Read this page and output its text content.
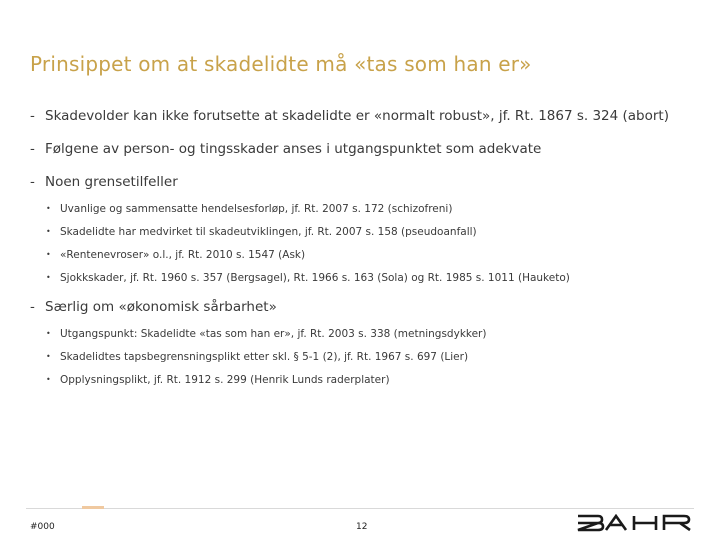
Prinsippet om at skadelidte må «tas som han er»
- Skadevolder kan ikke forutsette at skadelidte er «normalt robust», jf. Rt. 1867 s. 324 (abort)
- Følgene av person- og tingsskader anses i utgangspunktet som adekvate
- Noen grensetilfeller
• Uvanlige og sammensatte hendelsesforløp, jf. Rt. 2007 s. 172 (schizofreni)
• Skadelidte har medvirket til skadeutviklingen, jf. Rt. 2007 s. 158 (pseudoanfall)
• «Rentenevroser» o.l., jf. Rt. 2010 s. 1547 (Ask)
• Sjokkskader, jf. Rt. 1960 s. 357 (Bergsagel), Rt. 1966 s. 163 (Sola) og Rt. 1985 s. 1011 (Hauketo)
- Særlig om «økonomisk sårbarhet»
• Utgangspunkt: Skadelidte «tas som han er», jf. Rt. 2003 s. 338 (metningsdykker)
• Skadelidtes tapsbegrensningsplikt etter skl. § 5-1 (2), jf. Rt. 1967 s. 697 (Lier)
• Opplysningsplikt, jf. Rt. 1912 s. 299 (Henrik Lunds raderplater)
#000	12
